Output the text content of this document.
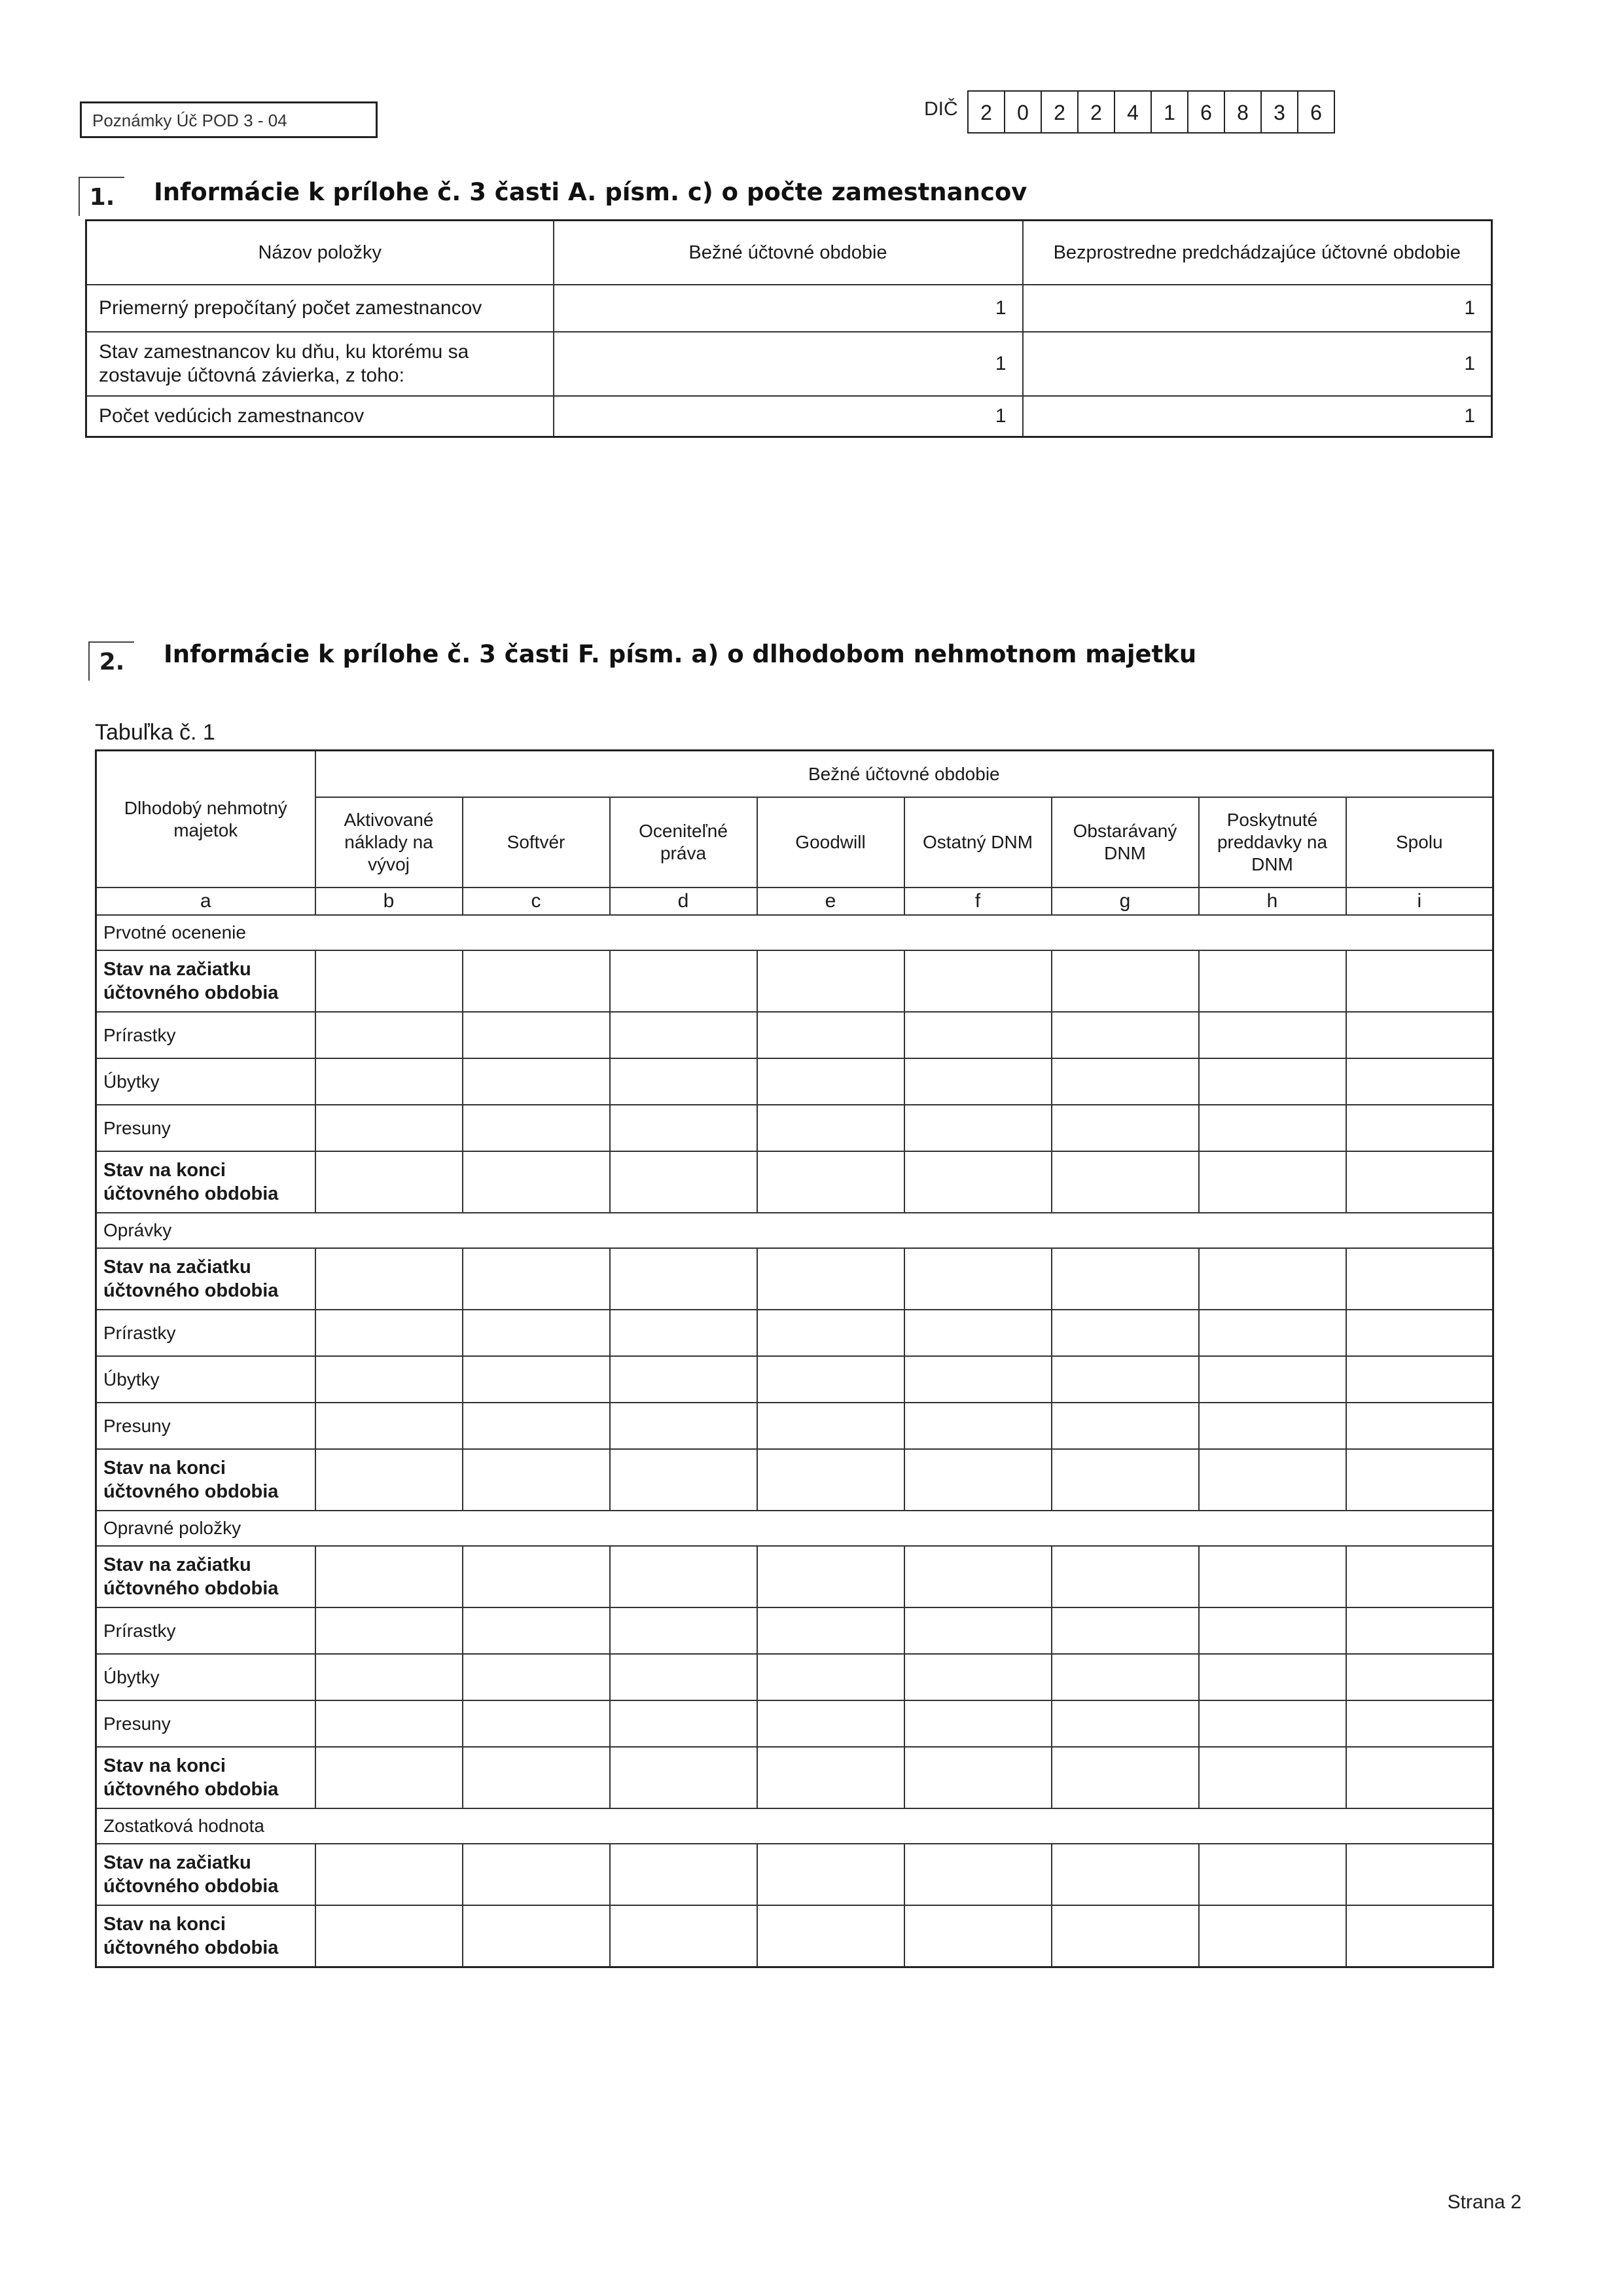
Poznámky Úč POD 3 - 04
DIČ	2	0	2	2	4	1	6	8	3	6
1.	Informácie k prílohe č. 3 časti A. písm. c) o počte zamestnancov
Názov položky	Bežné účtovné obdobie	Bezprostredne predchádzajúce účtovné obdobie
Priemerný prepočítaný počet zamestnancov	1	1
Stav zamestnancov ku dňu, ku ktorému sa zostavuje účtovná závierka, z toho:	1	1
Počet vedúcich zamestnancov	1	1
2.	Informácie k prílohe č. 3 časti F. písm. a) o dlhodobom nehmotnom majetku
Tabuľka č. 1
Dlhodobý nehmotný majetok	Bežné účtovné obdobie							
	Aktivované náklady na vývoj	Softvér	Oceniteľné práva	Goodwill	Ostatný DNM	Obstarávaný DNM	Poskytnuté preddavky na DNM	Spolu
a	b	c	d	e	f	g	h	i
Prvotné ocenenie								
Stav na začiatku účtovného obdobia								
Prírastky								
Úbytky								
Presuny								
Stav na konci účtovného obdobia								
Oprávky								
Stav na začiatku účtovného obdobia								
Prírastky								
Úbytky								
Presuny								
Stav na konci účtovného obdobia								
Opravné položky								
Stav na začiatku účtovného obdobia								
Prírastky								
Úbytky								
Presuny								
Stav na konci účtovného obdobia								
Zostatková hodnota								
Stav na začiatku účtovného obdobia								
Stav na konci účtovného obdobia								
Strana 2
